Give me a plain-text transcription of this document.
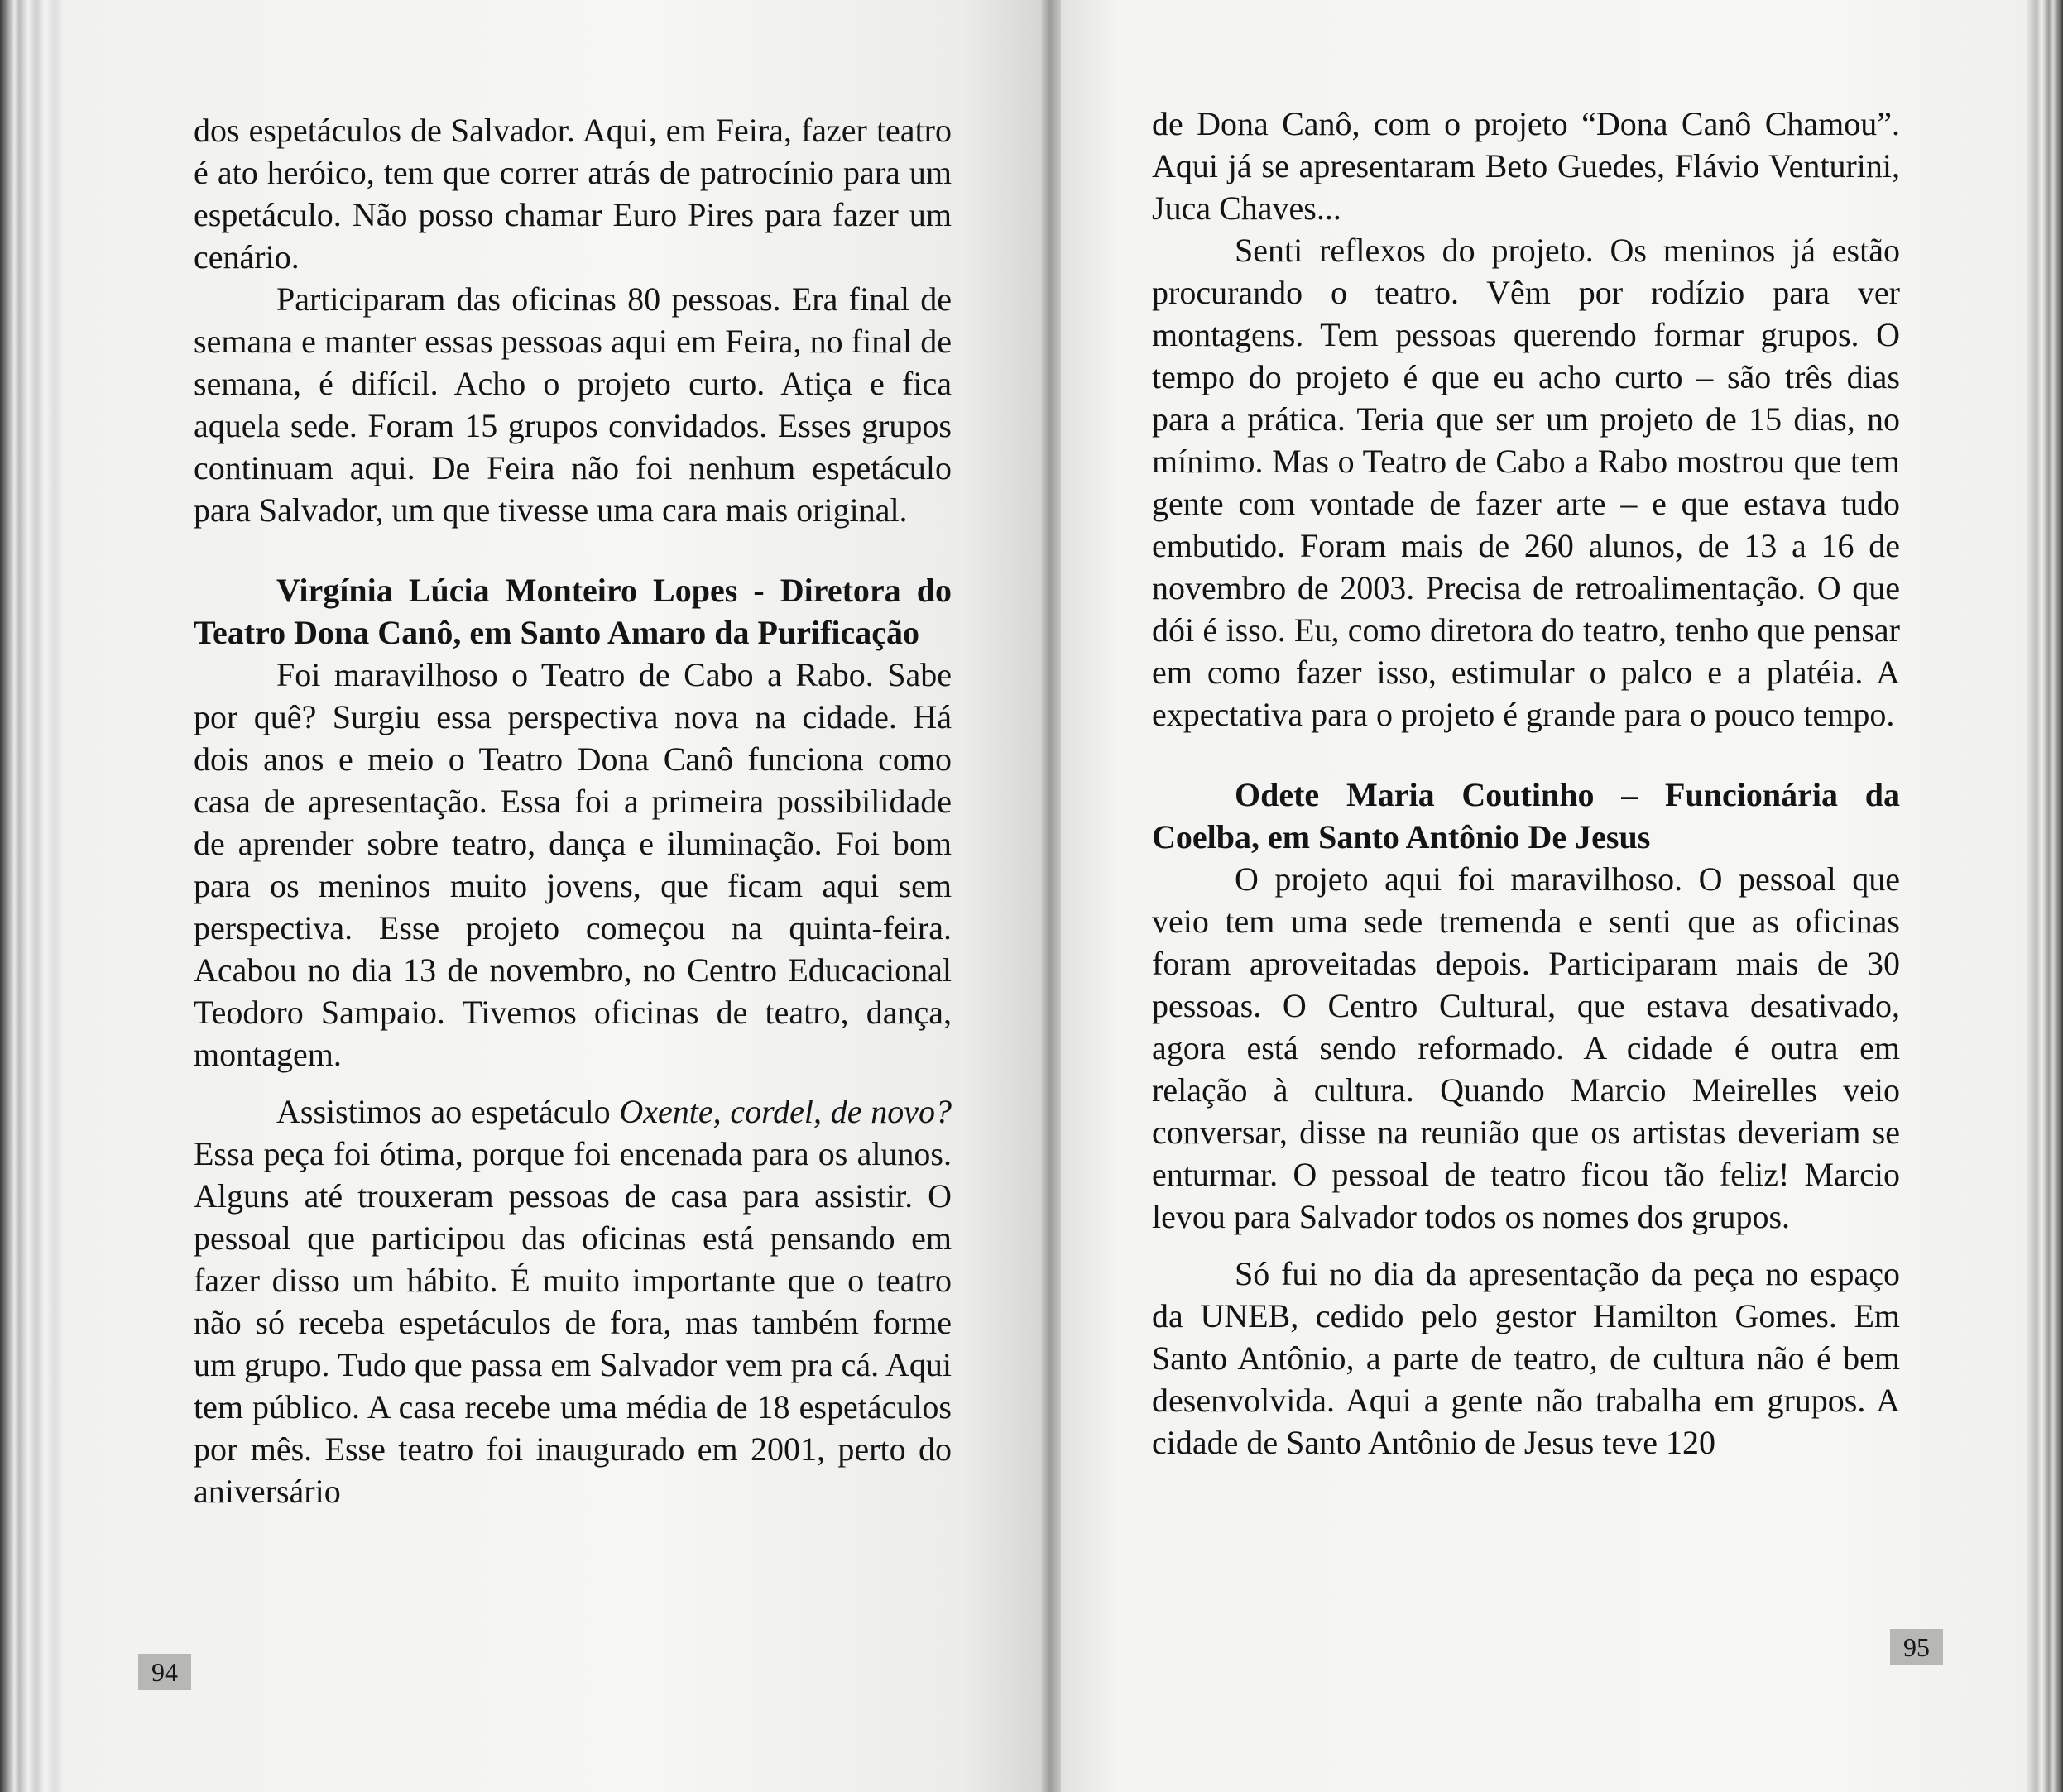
dos espetáculos de Salvador. Aqui, em Feira, fazer teatro é ato heróico, tem que correr atrás de patrocínio para um espetáculo. Não posso chamar Euro Pires para fazer um cenário.

Participaram das oficinas 80 pessoas. Era final de semana e manter essas pessoas aqui em Feira, no final de semana, é difícil. Acho o projeto curto. Atiça e fica aquela sede. Foram 15 grupos convidados. Esses grupos continuam aqui. De Feira não foi nenhum espetáculo para Salvador, um que tivesse uma cara mais original.

Virgínia Lúcia Monteiro Lopes - Diretora do Teatro Dona Canô, em Santo Amaro da Purificação

Foi maravilhoso o Teatro de Cabo a Rabo. Sabe por quê? Surgiu essa perspectiva nova na cidade. Há dois anos e meio o Teatro Dona Canô funciona como casa de apresentação. Essa foi a primeira possibilidade de aprender sobre teatro, dança e iluminação. Foi bom para os meninos muito jovens, que ficam aqui sem perspectiva. Esse projeto começou na quinta-feira. Acabou no dia 13 de novembro, no Centro Educacional Teodoro Sampaio. Tivemos oficinas de teatro, dança, montagem.

Assistimos ao espetáculo Oxente, cordel, de novo? Essa peça foi ótima, porque foi encenada para os alunos. Alguns até trouxeram pessoas de casa para assistir. O pessoal que participou das oficinas está pensando em fazer disso um hábito. É muito importante que o teatro não só receba espetáculos de fora, mas também forme um grupo. Tudo que passa em Salvador vem pra cá. Aqui tem público. A casa recebe uma média de 18 espetáculos por mês. Esse teatro foi inaugurado em 2001, perto do aniversário

de Dona Canô, com o projeto “Dona Canô Chamou”. Aqui já se apresentaram Beto Guedes, Flávio Venturini, Juca Chaves...

Senti reflexos do projeto. Os meninos já estão procurando o teatro. Vêm por rodízio para ver montagens. Tem pessoas querendo formar grupos. O tempo do projeto é que eu acho curto – são três dias para a prática. Teria que ser um projeto de 15 dias, no mínimo. Mas o Teatro de Cabo a Rabo mostrou que tem gente com vontade de fazer arte – e que estava tudo embutido. Foram mais de 260 alunos, de 13 a 16 de novembro de 2003. Precisa de retroalimentação. O que dói é isso. Eu, como diretora do teatro, tenho que pensar em como fazer isso, estimular o palco e a platéia. A expectativa para o projeto é grande para o pouco tempo.

Odete Maria Coutinho – Funcionária da Coelba, em Santo Antônio De Jesus

O projeto aqui foi maravilhoso. O pessoal que veio tem uma sede tremenda e senti que as oficinas foram aproveitadas depois. Participaram mais de 30 pessoas. O Centro Cultural, que estava desativado, agora está sendo reformado. A cidade é outra em relação à cultura. Quando Marcio Meirelles veio conversar, disse na reunião que os artistas deveriam se enturmar. O pessoal de teatro ficou tão feliz! Marcio levou para Salvador todos os nomes dos grupos.

Só fui no dia da apresentação da peça no espaço da UNEB, cedido pelo gestor Hamilton Gomes. Em Santo Antônio, a parte de teatro, de cultura não é bem desenvolvida. Aqui a gente não trabalha em grupos. A cidade de Santo Antônio de Jesus teve 120

94
95
